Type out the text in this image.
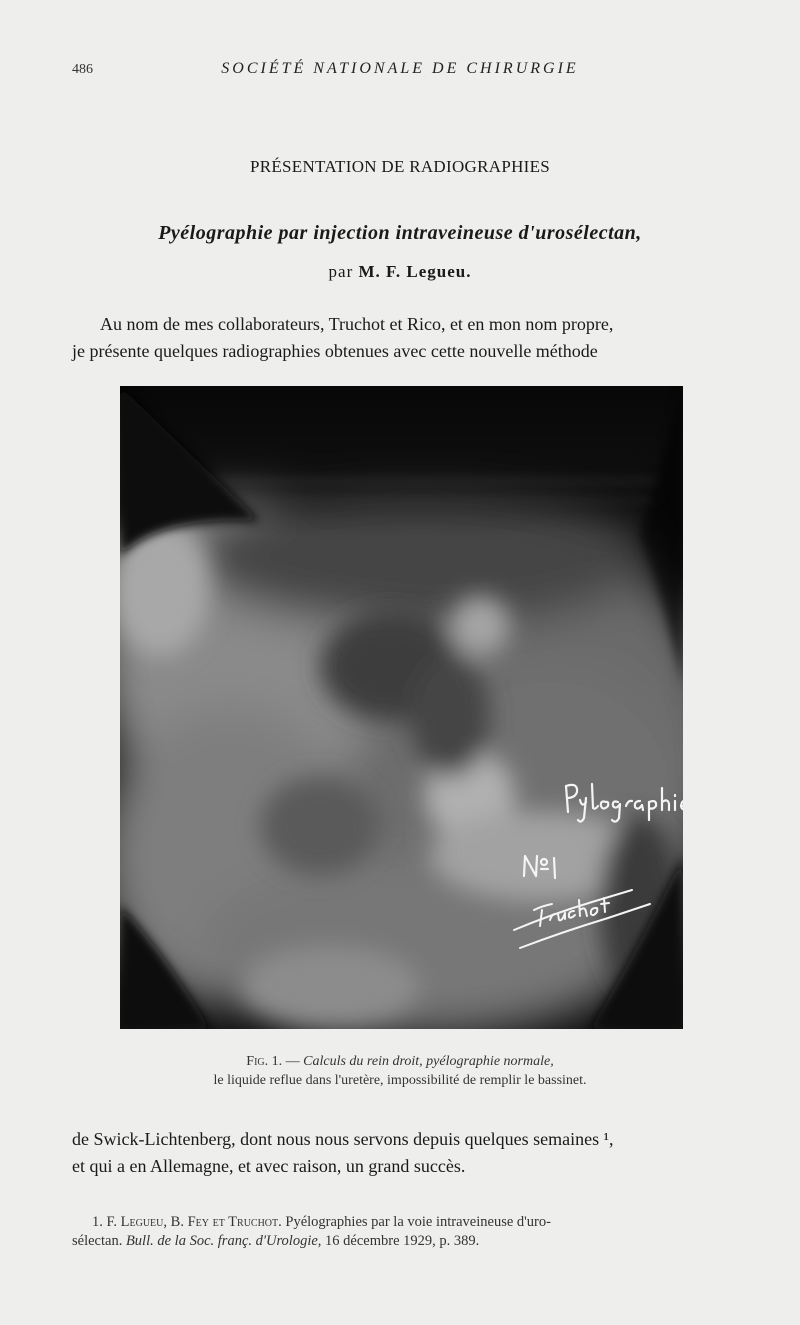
486	SOCIÉTÉ NATIONALE DE CHIRURGIE
PRÉSENTATION DE RADIOGRAPHIES
Pyélographie par injection intraveineuse d'urosélectan,
par M. F. Legueu.
Au nom de mes collaborateurs, Truchot et Rico, et en mon nom propre,
je présente quelques radiographies obtenues avec cette nouvelle méthode
Fig. 1. — Calculs du rein droit, pyélographie normale,
le liquide reflue dans l'uretère, impossibilité de remplir le bassinet.
de Swick-Lichtenberg, dont nous nous servons depuis quelques semaines ¹,
et qui a en Allemagne, et avec raison, un grand succès.
1. F. Legueu, B. Fey et Truchot. Pyélographies par la voie intraveineuse d'uro-
sélectan. Bull. de la Soc. franç. d'Urologie, 16 décembre 1929, p. 389.
